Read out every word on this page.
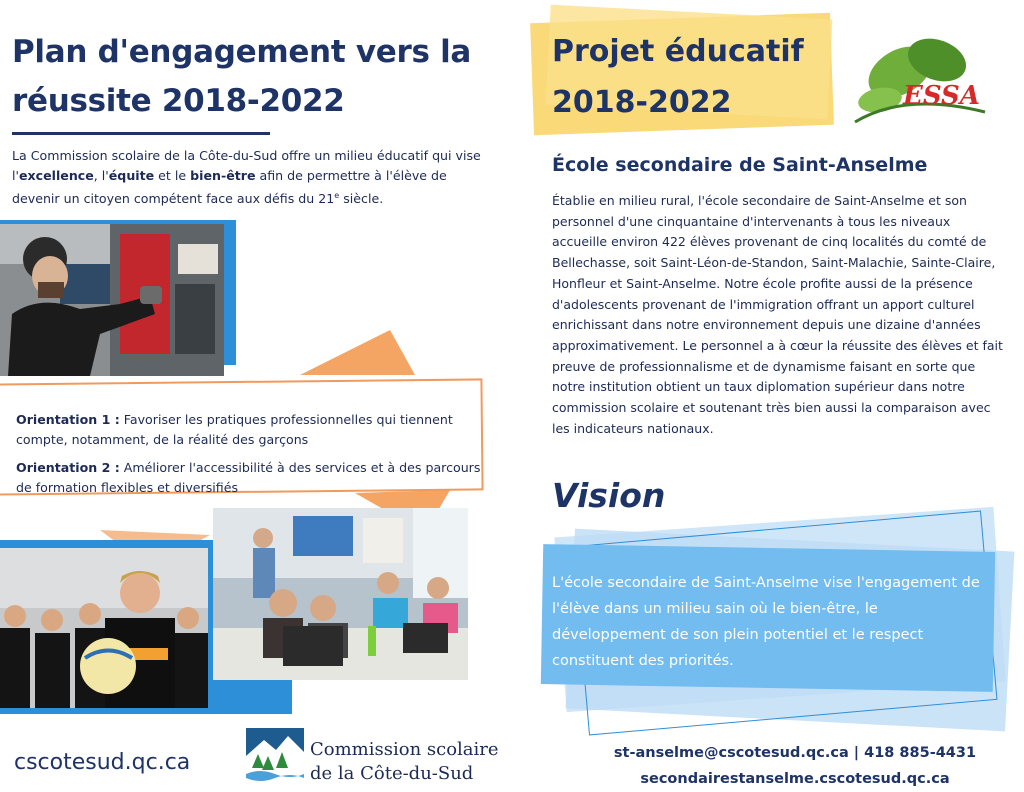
Plan d'engagement vers la
réussite 2018-2022
La Commission scolaire de la Côte-du-Sud offre un milieu éducatif qui vise l'excellence, l'équite et le bien-être afin de permettre à l'élève de devenir un citoyen compétent face aux défis du 21e siècle.

Orientation 1 : Favoriser les pratiques professionnelles qui tiennent compte, notamment, de la réalité des garçons

Orientation 2 : Améliorer l'accessibilité à des services et à des parcours de formation flexibles et diversifiés

cscotesud.qc.ca
Commission scolaire
de la Côte-du-Sud
Projet éducatif
2018-2022	ESSA
École secondaire de Saint-Anselme
Établie en milieu rural, l'école secondaire de Saint-Anselme et son personnel d'une cinquantaine d'intervenants à tous les niveaux accueille environ 422 élèves provenant de cinq localités du comté de Bellechasse, soit Saint-Léon-de-Standon, Saint-Malachie, Sainte-Claire, Honfleur et Saint-Anselme. Notre école profite aussi de la présence d'adolescents provenant de l'immigration offrant un apport culturel enrichissant dans notre environnement depuis une dizaine d'années approximativement. Le personnel a à cœur la réussite des élèves et fait preuve de professionnalisme et de dynamisme faisant en sorte que notre institution obtient un taux diplomation supérieur dans notre commission scolaire et soutenant très bien aussi la comparaison avec les indicateurs nationaux.
Vision
L'école secondaire de Saint-Anselme vise l'engagement de l'élève dans un milieu sain où le bien-être, le développement de son plein potentiel et le respect constituent des priorités.
st-anselme@cscotesud.qc.ca | 418 885-4431
secondairestanselme.cscotesud.qc.ca
